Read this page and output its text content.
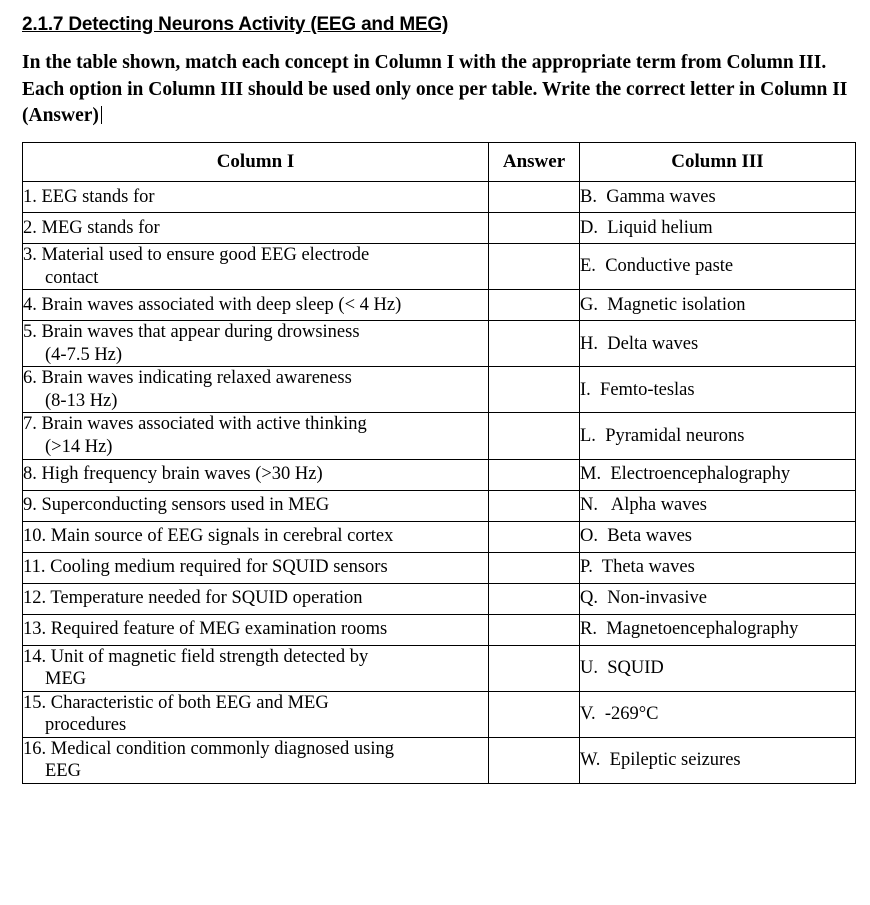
2.1.7 Detecting Neurons Activity (EEG and MEG)

In the table shown, match each concept in Column I with the appropriate term from Column III. Each option in Column III should be used only once per table. Write the correct letter in Column II (Answer)

Column I	Answer	Column III
1. EEG stands for		B. Gamma waves
2. MEG stands for		D. Liquid helium
3. Material used to ensure good EEG electrode
contact		E. Conductive paste
4. Brain waves associated with deep sleep (< 4 Hz)		G. Magnetic isolation
5. Brain waves that appear during drowsiness
(4-7.5 Hz)		H. Delta waves
6. Brain waves indicating relaxed awareness
(8-13 Hz)		I. Femto-teslas
7. Brain waves associated with active thinking
(>14 Hz)		L. Pyramidal neurons
8. High frequency brain waves (>30 Hz)		M. Electroencephalography
9. Superconducting sensors used in MEG		N. Alpha waves
10. Main source of EEG signals in cerebral cortex		O. Beta waves
11. Cooling medium required for SQUID sensors		P. Theta waves
12. Temperature needed for SQUID operation		Q. Non-invasive
13. Required feature of MEG examination rooms		R. Magnetoencephalography
14. Unit of magnetic field strength detected by
MEG		U. SQUID
15. Characteristic of both EEG and MEG
procedures		V. -269°C
16. Medical condition commonly diagnosed using
EEG		W. Epileptic seizures
